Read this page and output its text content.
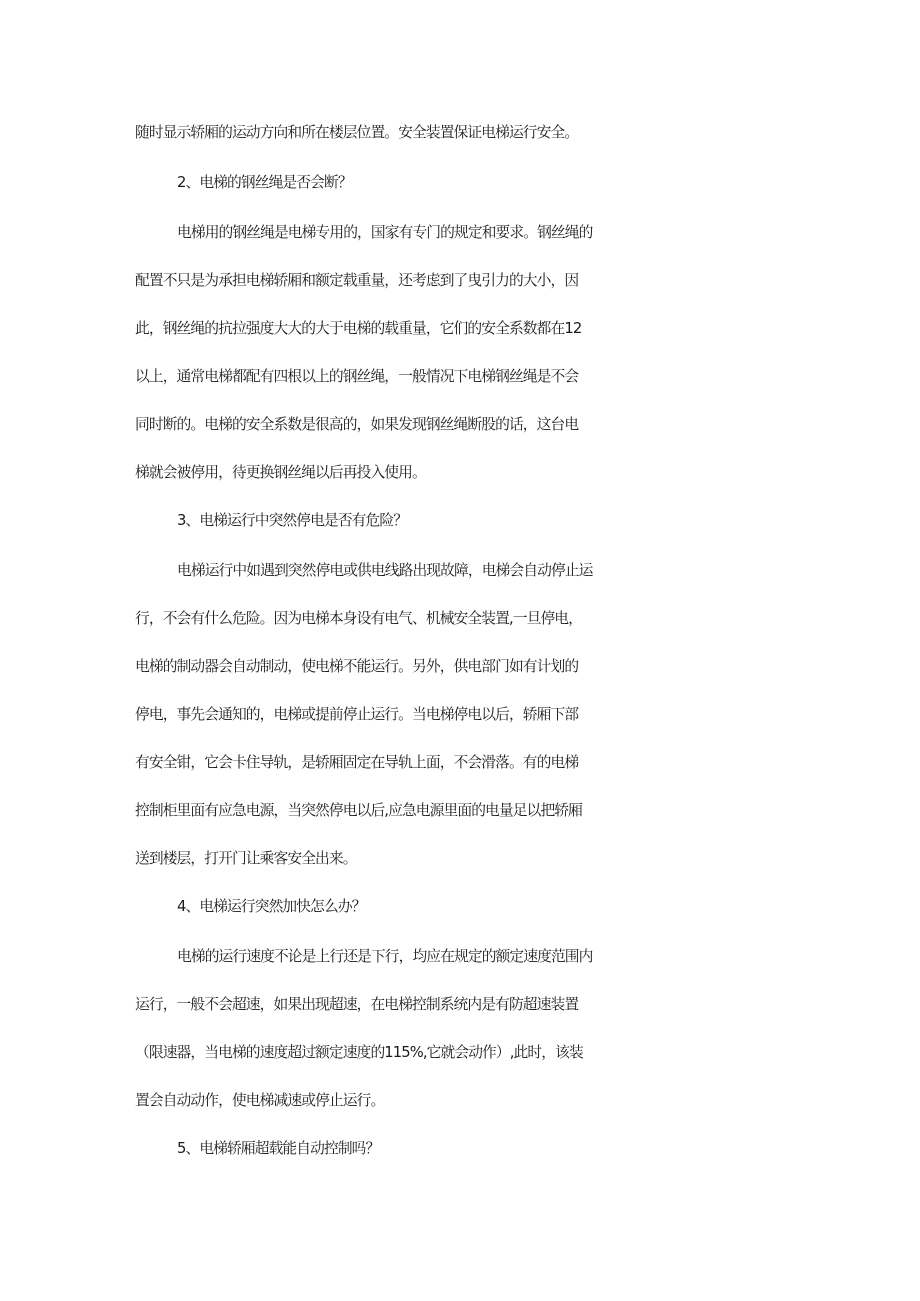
随时显示轿厢的运动方向和所在楼层位置。安全装置保证电梯运行安全。
2、电梯的钢丝绳是否会断？
电梯用的钢丝绳是电梯专用的，国家有专门的规定和要求。钢丝绳的
配置不只是为承担电梯轿厢和额定载重量，还考虑到了曳引力的大小，因
此，钢丝绳的抗拉强度大大的大于电梯的载重量，它们的安全系数都在12
以上，通常电梯都配有四根以上的钢丝绳，一般情况下电梯钢丝绳是不会
同时断的。电梯的安全系数是很高的，如果发现钢丝绳断股的话，这台电
梯就会被停用，待更换钢丝绳以后再投入使用。
3、电梯运行中突然停电是否有危险？
电梯运行中如遇到突然停电或供电线路出现故障，电梯会自动停止运
行，不会有什么危险。因为电梯本身设有电气、机械安全装置,一旦停电，
电梯的制动器会自动制动，使电梯不能运行。另外，供电部门如有计划的
停电，事先会通知的，电梯或提前停止运行。当电梯停电以后，轿厢下部
有安全钳，它会卡住导轨，是轿厢固定在导轨上面，不会滑落。有的电梯
控制柜里面有应急电源，当突然停电以后,应急电源里面的电量足以把轿厢
送到楼层，打开门让乘客安全出来。
4、电梯运行突然加快怎么办？
电梯的运行速度不论是上行还是下行，均应在规定的额定速度范围内
运行，一般不会超速，如果出现超速，在电梯控制系统内是有防超速装置
（限速器，当电梯的速度超过额定速度的115%,它就会动作）,此时，该装
置会自动动作，使电梯减速或停止运行。
5、电梯轿厢超载能自动控制吗？
